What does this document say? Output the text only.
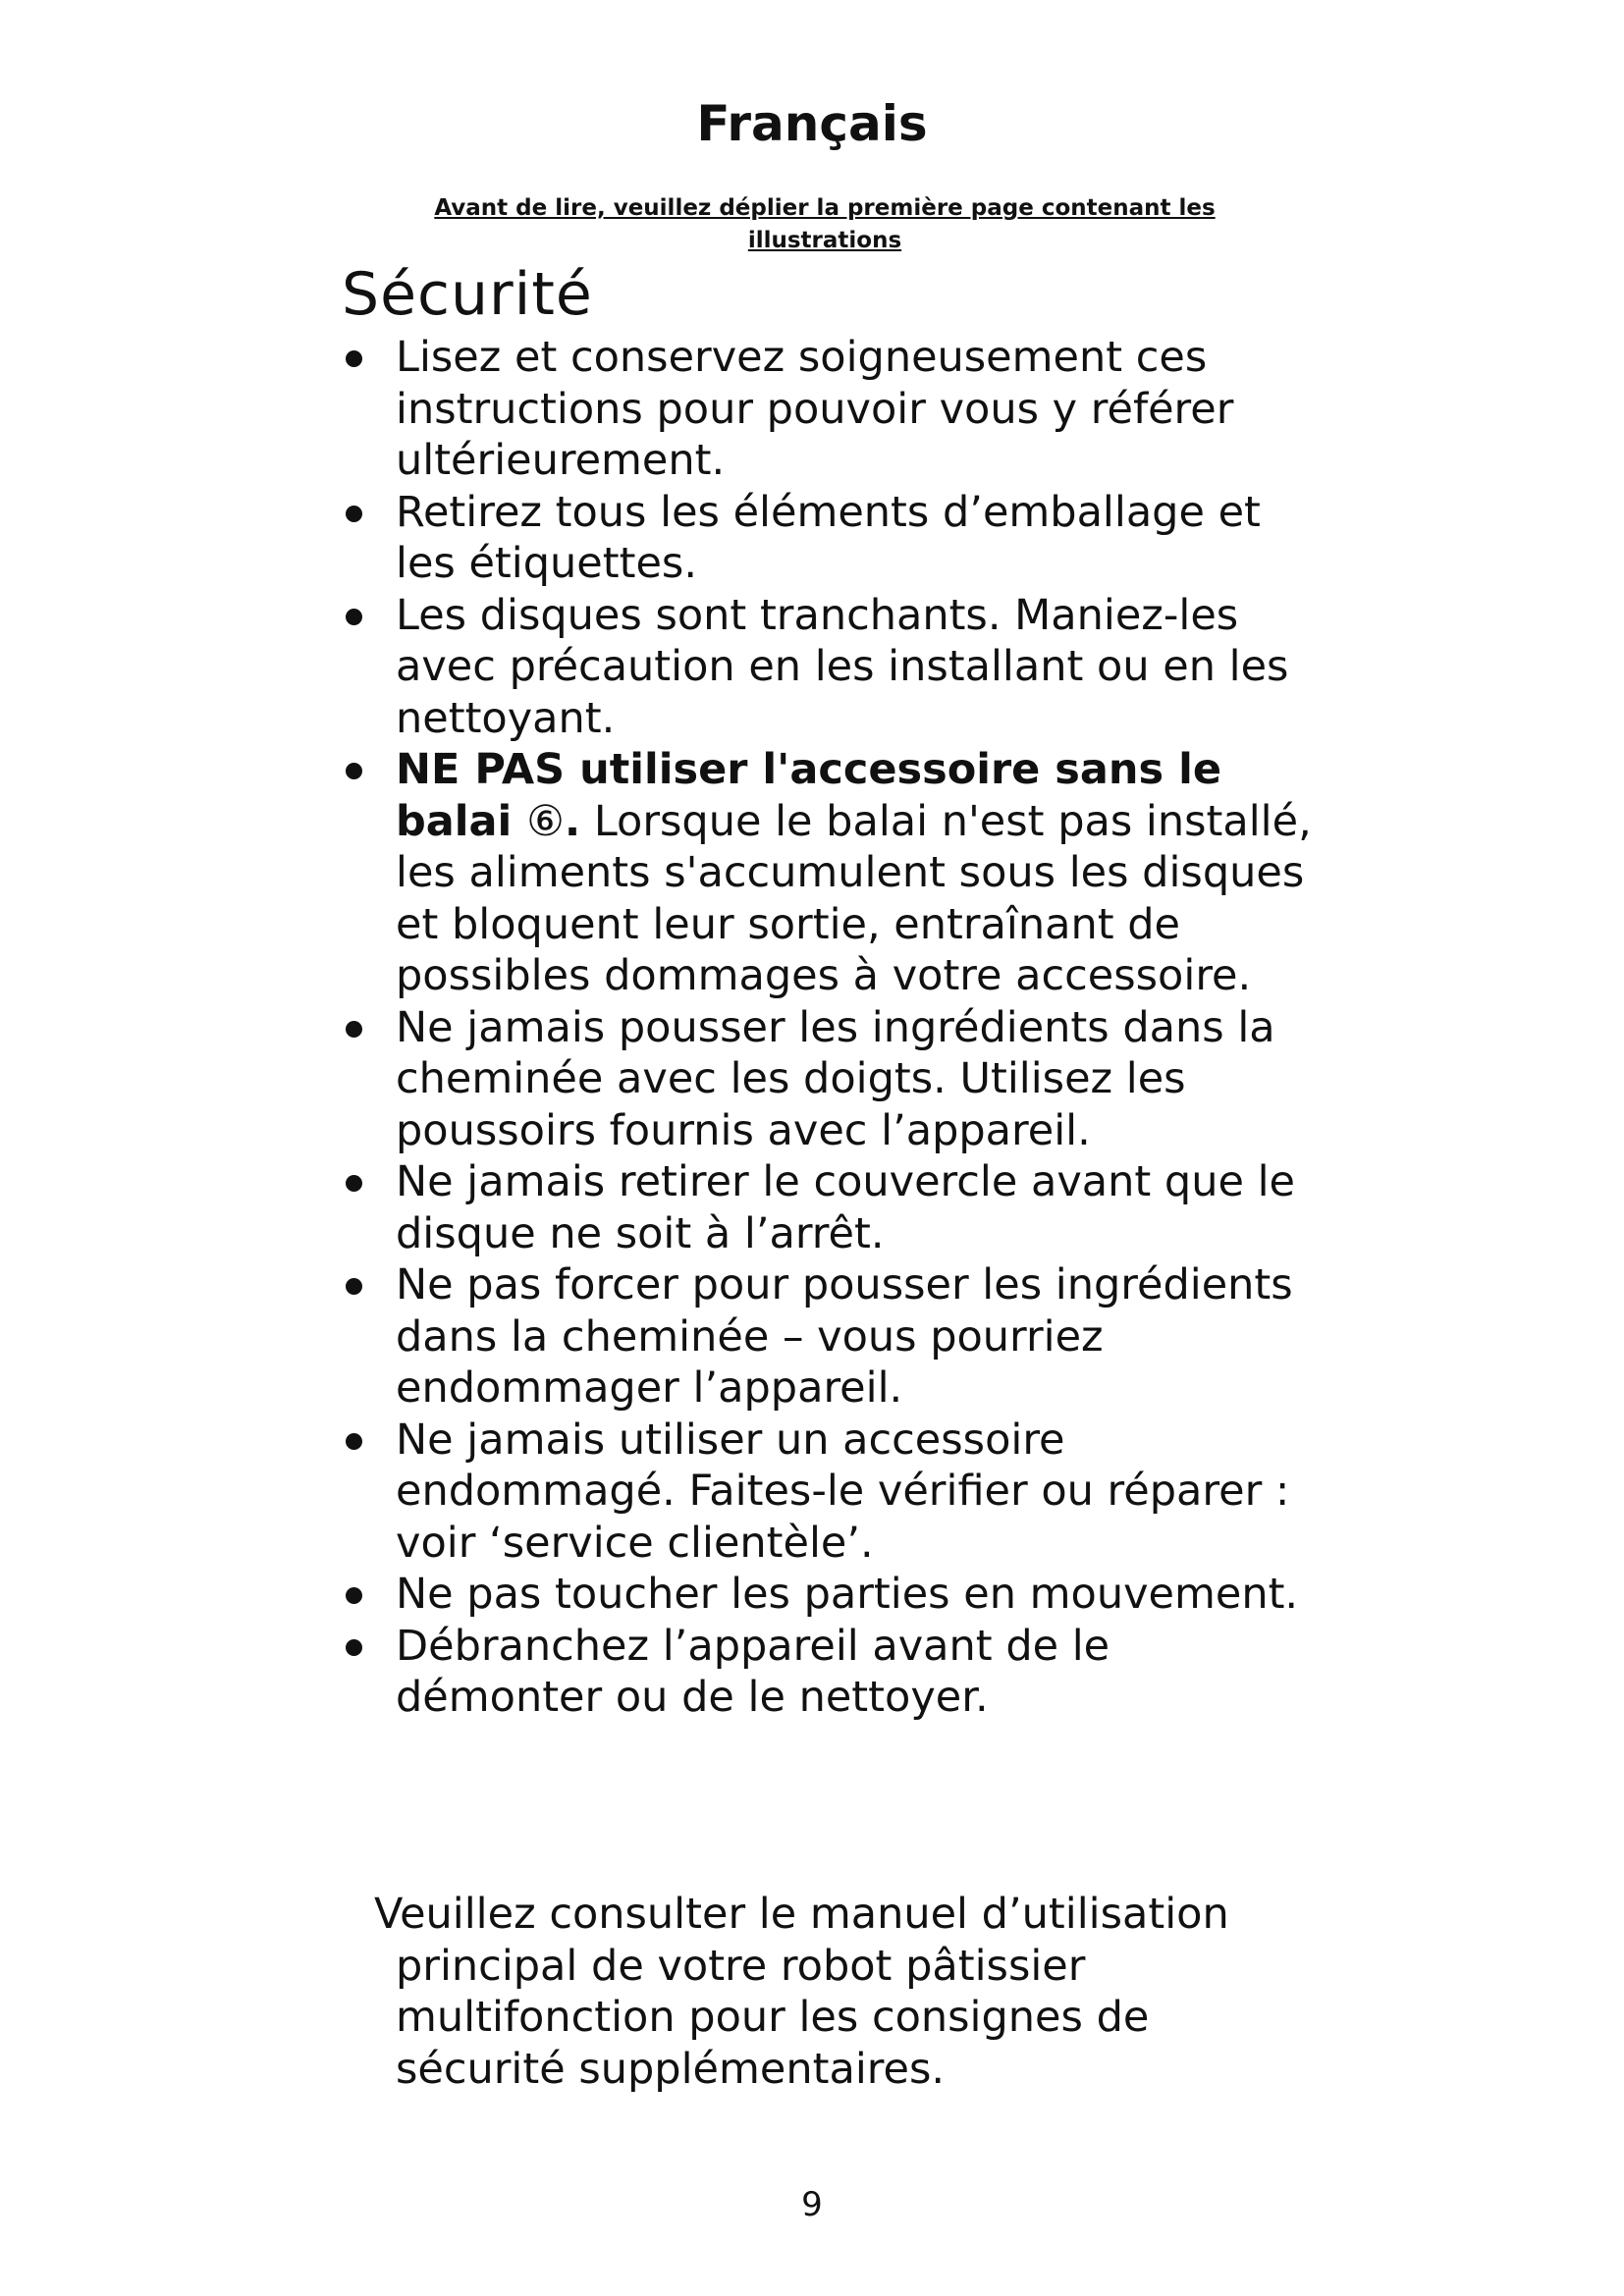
Français
Avant de lire, veuillez déplier la première page contenant les illustrations
Sécurité
Lisez et conservez soigneusement ces instructions pour pouvoir vous y référer ultérieurement.
Retirez tous les éléments d’emballage et les étiquettes.
Les disques sont tranchants. Maniez-les avec précaution en les installant ou en les nettoyant.
NE PAS utiliser l'accessoire sans le balai ⑥. Lorsque le balai n'est pas installé, les aliments s'accumulent sous les disques et bloquent leur sortie, entraînant de possibles dommages à votre accessoire.
Ne jamais pousser les ingrédients dans la cheminée avec les doigts. Utilisez les poussoirs fournis avec l’appareil.
Ne jamais retirer le couvercle avant que le disque ne soit à l’arrêt.
Ne pas forcer pour pousser les ingrédients dans la cheminée – vous pourriez endommager l’appareil.
Ne jamais utiliser un accessoire endommagé. Faites-le vérifier ou réparer : voir ‘service clientèle’.
Ne pas toucher les parties en mouvement.
Débranchez l’appareil avant de le démonter ou de le nettoyer.

Veuillez consulter le manuel d’utilisation principal de votre robot pâtissier multifonction pour les consignes de sécurité supplémentaires.

9
